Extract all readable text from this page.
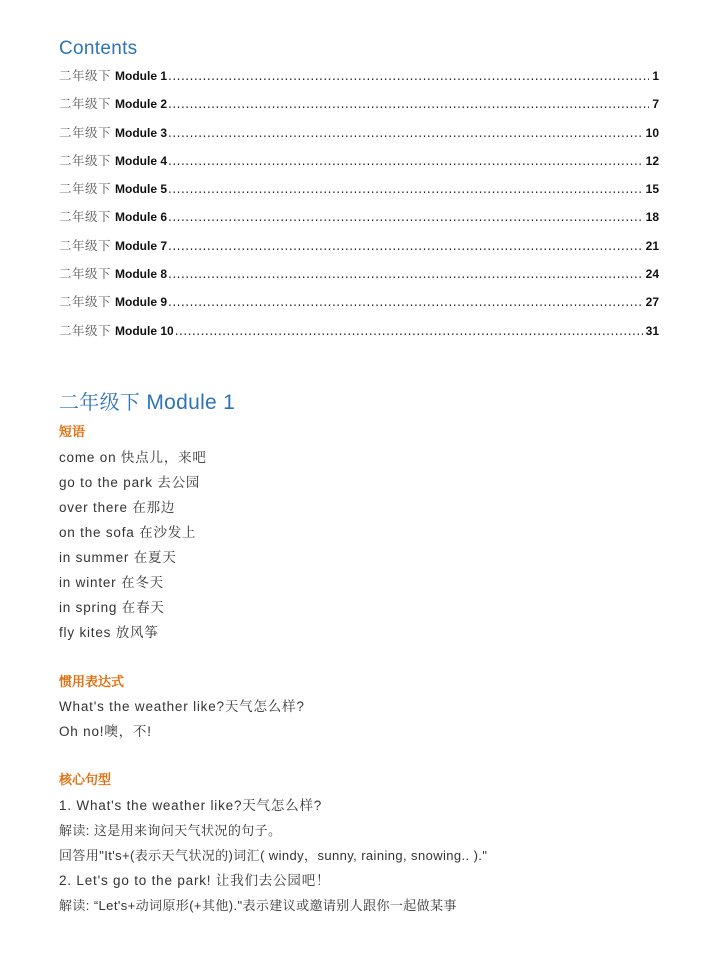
Contents
二年级下 Module 1 .....	1
二年级下 Module 2 .....	7
二年级下 Module 3 .....	10
二年级下 Module 4 .....	12
二年级下 Module 5 .....	15
二年级下 Module 6 .....	18
二年级下 Module 7 .....	21
二年级下 Module 8 .....	24
二年级下 Module 9 .....	27
二年级下 Module 10 .....	31
二年级下 Module 1
短语
come on 快点儿，来吧
go to the park 去公园
over there 在那边
on the sofa 在沙发上
in summer 在夏天
in winter 在冬天
in spring 在春天
fly kites 放风筝
惯用表达式
What's the weather like?天气怎么样?
Oh no!噢，不!
核心句型
1. What's the weather like?天气怎么样?
解读: 这是用来询问天气状况的句子。
回答用"It's+(表示天气状况的)词汇( windy，sunny, raining, snowing.. )."
2. Let's go to the park! 让我们去公园吧！
解读: “Let's+动词原形(+其他)."表示建议或邀请别人跟你一起做某事
